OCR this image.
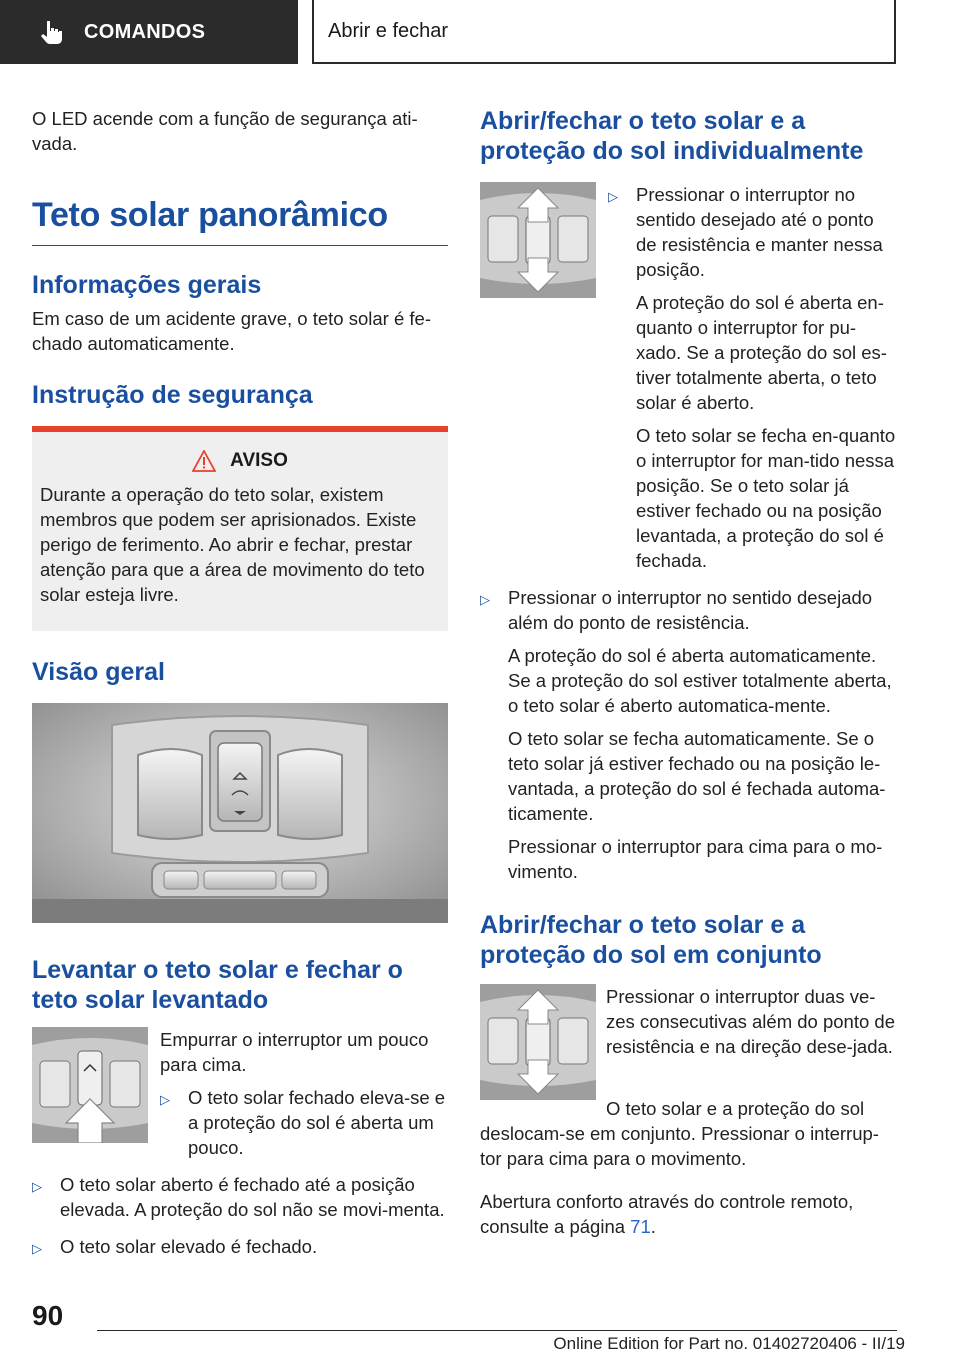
COMANDOS	Abrir e fechar

O LED acende com a função de segurança ati-vada.

Teto solar panorâmico
Informações gerais

Em caso de um acidente grave, o teto solar é fe-chado automaticamente.

Instrução de segurança
AVISO

Durante a operação do teto solar, existem membros que podem ser aprisionados. Existe perigo de ferimento. Ao abrir e fechar, prestar atenção para que a área de movimento do teto solar esteja livre.

Visão geral
Levantar o teto solar e fechar o teto solar levantado

Empurrar o interruptor um pouco para cima.

▷ O teto solar fechado eleva-se e a proteção do sol é aberta um pouco.
▷ O teto solar aberto é fechado até a posição elevada. A proteção do sol não se movi-menta.
▷ O teto solar elevado é fechado.
Abrir/fechar o teto solar e a proteção do sol individualmente
▷ Pressionar o interruptor no sentido desejado até o ponto de resistência e manter nessa posição.

A proteção do sol é aberta en-quanto o interruptor for pu-xado. Se a proteção do sol es-tiver totalmente aberta, o teto solar é aberto.

O teto solar se fecha en-quanto o interruptor for man-tido nessa posição. Se o teto solar já estiver fechado ou na posição levantada, a proteção do sol é fechada.

▷ Pressionar o interruptor no sentido desejado além do ponto de resistência.

A proteção do sol é aberta automaticamente. Se a proteção do sol estiver totalmente aberta, o teto solar é aberto automatica-mente.

O teto solar se fecha automaticamente. Se o teto solar já estiver fechado ou na posição le-vantada, a proteção do sol é fechada automa-ticamente.

Pressionar o interruptor para cima para o mo-vimento.

Abrir/fechar o teto solar e a proteção do sol em conjunto

Pressionar o interruptor duas ve-zes consecutivas além do ponto de resistência e na direção dese-jada.

O teto solar e a proteção do sol deslocam-se em conjunto. Pressionar o interrup-tor para cima para o movimento.

Abertura conforto através do controle remoto, consulte a página 71.

90
Online Edition for Part no. 01402720406 - II/19
